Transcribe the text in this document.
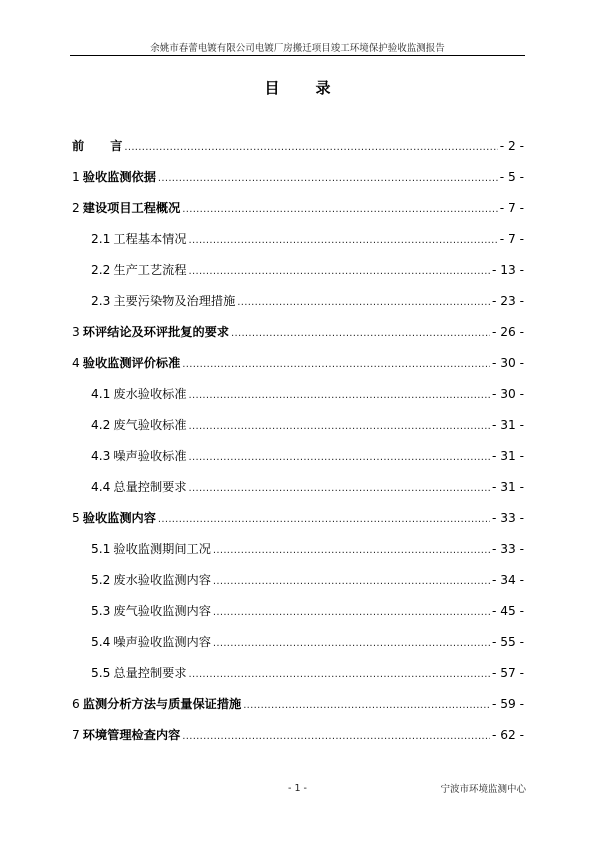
余姚市春蕾电镀有限公司电镀厂房搬迁项目竣工环境保护验收监测报告
目 录
前 言 .....	- 2 -
1 验收监测依据 .....	- 5 -
2 建设项目工程概况 .....	- 7 -
2.1 工程基本情况 .....	- 7 -
2.2 生产工艺流程 .....	- 13 -
2.3 主要污染物及治理措施 .....	- 23 -
3 环评结论及环评批复的要求 .....	- 26 -
4 验收监测评价标准 .....	- 30 -
4.1 废水验收标准 .....	- 30 -
4.2 废气验收标准 .....	- 31 -
4.3 噪声验收标准 .....	- 31 -
4.4 总量控制要求 .....	- 31 -
5 验收监测内容 .....	- 33 -
5.1 验收监测期间工况 .....	- 33 -
5.2 废水验收监测内容 .....	- 34 -
5.3 废气验收监测内容 .....	- 45 -
5.4 噪声验收监测内容 .....	- 55 -
5.5 总量控制要求 .....	- 57 -
6 监测分析方法与质量保证措施 .....	- 59 -
7 环境管理检查内容 .....	- 62 -
- 1 -	宁波市环境监测中心
